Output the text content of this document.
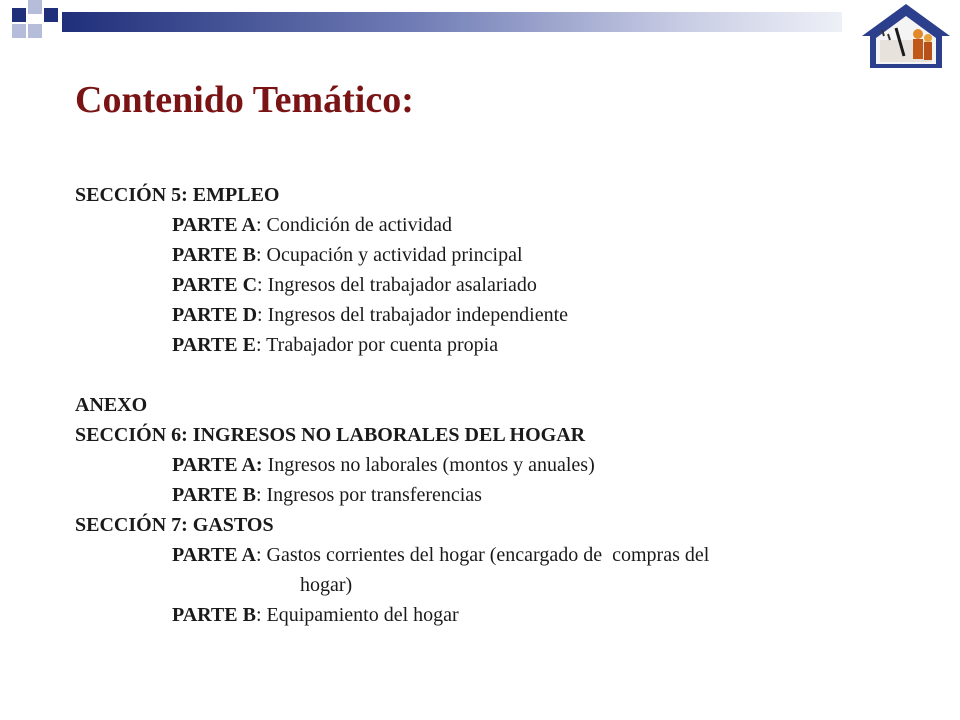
Contenido Temático:
SECCIÓN 5: EMPLEO
PARTE A: Condición de actividad
PARTE B: Ocupación y actividad principal
PARTE C: Ingresos del trabajador asalariado
PARTE D: Ingresos del trabajador independiente
PARTE E: Trabajador por cuenta propia
ANEXO
SECCIÓN 6: INGRESOS NO LABORALES DEL HOGAR
PARTE A: Ingresos no laborales (montos y anuales)
PARTE B: Ingresos por transferencias
SECCIÓN 7: GASTOS
PARTE A: Gastos corrientes del hogar (encargado de  compras del
hogar)
PARTE B: Equipamiento del hogar
